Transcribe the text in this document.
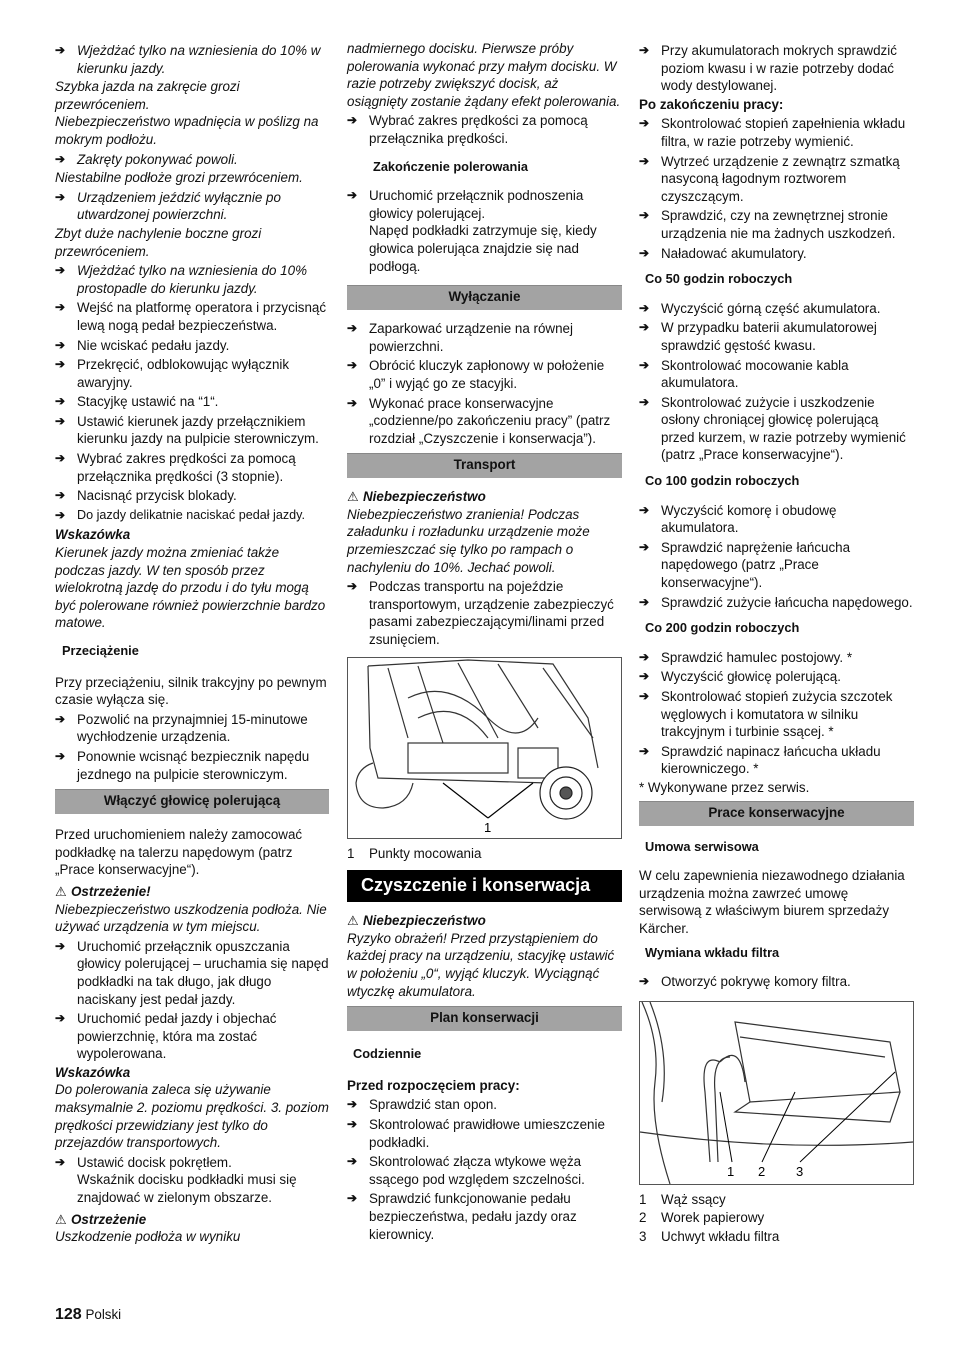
➔ Wjeżdżać tylko na wzniesienia do 10% w kierunku jazdy.
Szybka jazda na zakręcie grozi przewróceniem.
Niebezpieczeństwo wpadnięcia w poślizg na mokrym podłożu.
➔ Zakręty pokonywać powoli.
Niestabilne podłoże grozi przewróceniem.
➔ Urządzeniem jeździć wyłącznie po utwardzonej powierzchni.
Zbyt duże nachylenie boczne grozi przewróceniem.
➔ Wjeżdżać tylko na wzniesienia do 10% prostopadle do kierunku jazdy.
➔ Wejść na platformę operatora i przycisnąć lewą nogą pedał bezpieczeństwa.
➔ Nie wciskać pedału jazdy.
➔ Przekręcić, odblokowując wyłącznik awaryjny.
➔ Stacyjkę ustawić na “1“.
➔ Ustawić kierunek jazdy przełącznikiem kierunku jazdy na pulpicie sterowniczym.
➔ Wybrać zakres prędkości za pomocą przełącznika prędkości (3 stopnie).
➔ Nacisnąć przycisk blokady.
➔ Do jazdy delikatnie naciskać pedał jazdy.
Wskazówka
Kierunek jazdy można zmieniać także podczas jazdy. W ten sposób przez wielokrotną jazdę do przodu i do tyłu mogą być polerowane również powierzchnie bardzo matowe.
Przeciążenie
Przy przeciążeniu, silnik trakcyjny po pewnym czasie wyłącza się.
➔ Pozwolić na przynajmniej 15-minutowe wychłodzenie urządzenia.
➔ Ponownie wcisnąć bezpiecznik napędu jezdnego na pulpicie sterowniczym.
Włączyć głowicę polerującą
Przed uruchomieniem należy zamocować podkładkę na talerzu napędowym (patrz „Prace konserwacyjne“).
⚠ Ostrzeżenie!
Niebezpieczeństwo uszkodzenia podłoża. Nie używać urządzenia w tym miejscu.
➔ Uruchomić przełącznik opuszczania głowicy polerującej – uruchamia się napęd podkładki na tak długo, jak długo naciskany jest pedał jazdy.
➔ Uruchomić pedał jazdy i objechać powierzchnię, która ma zostać wypolerowana.
Wskazówka
Do polerowania zaleca się używanie maksymalnie 2. poziomu prędkości. 3. poziom prędkości przewidziany jest tylko do przejazdów transportowych.
➔ Ustawić docisk pokrętłem.
Wskaźnik docisku podkładki musi się znajdować w zielonym obszarze.
⚠ Ostrzeżenie
Uszkodzenie podłoża w wyniku
nadmiernego docisku. Pierwsze próby polerowania wykonać przy małym docisku. W razie potrzeby zwiększyć docisk, aż osiągnięty zostanie żądany efekt polerowania.
➔ Wybrać zakres prędkości za pomocą przełącznika prędkości.
Zakończenie polerowania
➔ Uruchomić przełącznik podnoszenia głowicy polerującej.
Napęd podkładki zatrzymuje się, kiedy głowica polerująca znajdzie się nad podłogą.
Wyłączanie
➔ Zaparkować urządzenie na równej powierzchni.
➔ Obrócić kluczyk zapłonowy w położenie „0” i wyjąć go ze stacyjki.
➔ Wykonać prace konserwacyjne „codzienne/po zakończeniu pracy” (patrz rozdział „Czyszczenie i konserwacja”).
Transport
⚠ Niebezpieczeństwo
Niebezpieczeństwo zranienia! Podczas załadunku i rozładunku urządzenie może przemieszczać się tylko po rampach o nachyleniu do 10%. Jechać powoli.
➔ Podczas transportu na pojeździe transportowym, urządzenie zabezpieczyć pasami zabezpieczającymi/linami przed zsunięciem.
1
1	Punkty mocowania
Czyszczenie i konserwacja
⚠ Niebezpieczeństwo
Ryzyko obrażeń! Przed przystąpieniem do każdej pracy na urządzeniu, stacyjkę ustawić w położeniu „0“, wyjąć kluczyk. Wyciągnąć wtyczkę akumulatora.
Plan konserwacji
Codziennie
Przed rozpoczęciem pracy:
➔ Sprawdzić stan opon.
➔ Skontrolować prawidłowe umieszczenie podkładki.
➔ Skontrolować złącza wtykowe węża ssącego pod względem szczelności.
➔ Sprawdzić funkcjonowanie pedału bezpieczeństwa, pedału jazdy oraz kierownicy.
➔ Przy akumulatorach mokrych sprawdzić poziom kwasu i w razie potrzeby dodać wody destylowanej.
Po zakończeniu pracy:
➔ Skontrolować stopień zapełnienia wkładu filtra, w razie potrzeby wymienić.
➔ Wytrzeć urządzenie z zewnątrz szmatką nasyconą łagodnym roztworem czyszczącym.
➔ Sprawdzić, czy na zewnętrznej stronie urządzenia nie ma żadnych uszkodzeń.
➔ Naładować akumulatory.
Co 50 godzin roboczych
➔ Wyczyścić górną część akumulatora.
➔ W przypadku baterii akumulatorowej sprawdzić gęstość kwasu.
➔ Skontrolować mocowanie kabla akumulatora.
➔ Skontrolować zużycie i uszkodzenie osłony chroniącej głowicę polerującą przed kurzem, w razie potrzeby wymienić (patrz „Prace konserwacyjne“).
Co 100 godzin roboczych
➔ Wyczyścić komorę i obudowę akumulatora.
➔ Sprawdzić naprężenie łańcucha napędowego (patrz „Prace konserwacyjne“).
➔ Sprawdzić zużycie łańcucha napędowego.
Co 200 godzin roboczych
➔ Sprawdzić hamulec postojowy. *
➔ Wyczyścić głowicę polerującą.
➔ Skontrolować stopień zużycia szczotek węglowych i komutatora w silniku trakcyjnym i turbinie ssącej. *
➔ Sprawdzić napinacz łańcucha układu kierowniczego. *
* Wykonywane przez serwis.
Prace konserwacyjne
Umowa serwisowa
W celu zapewnienia niezawodnego działania urządzenia można zawrzeć umowę serwisową z właściwym biurem sprzedaży Kärcher.
Wymiana wkładu filtra
➔ Otworzyć pokrywę komory filtra.
1 2 3
1	Wąż ssący
2	Worek papierowy
3	Uchwyt wkładu filtra
128 Polski
